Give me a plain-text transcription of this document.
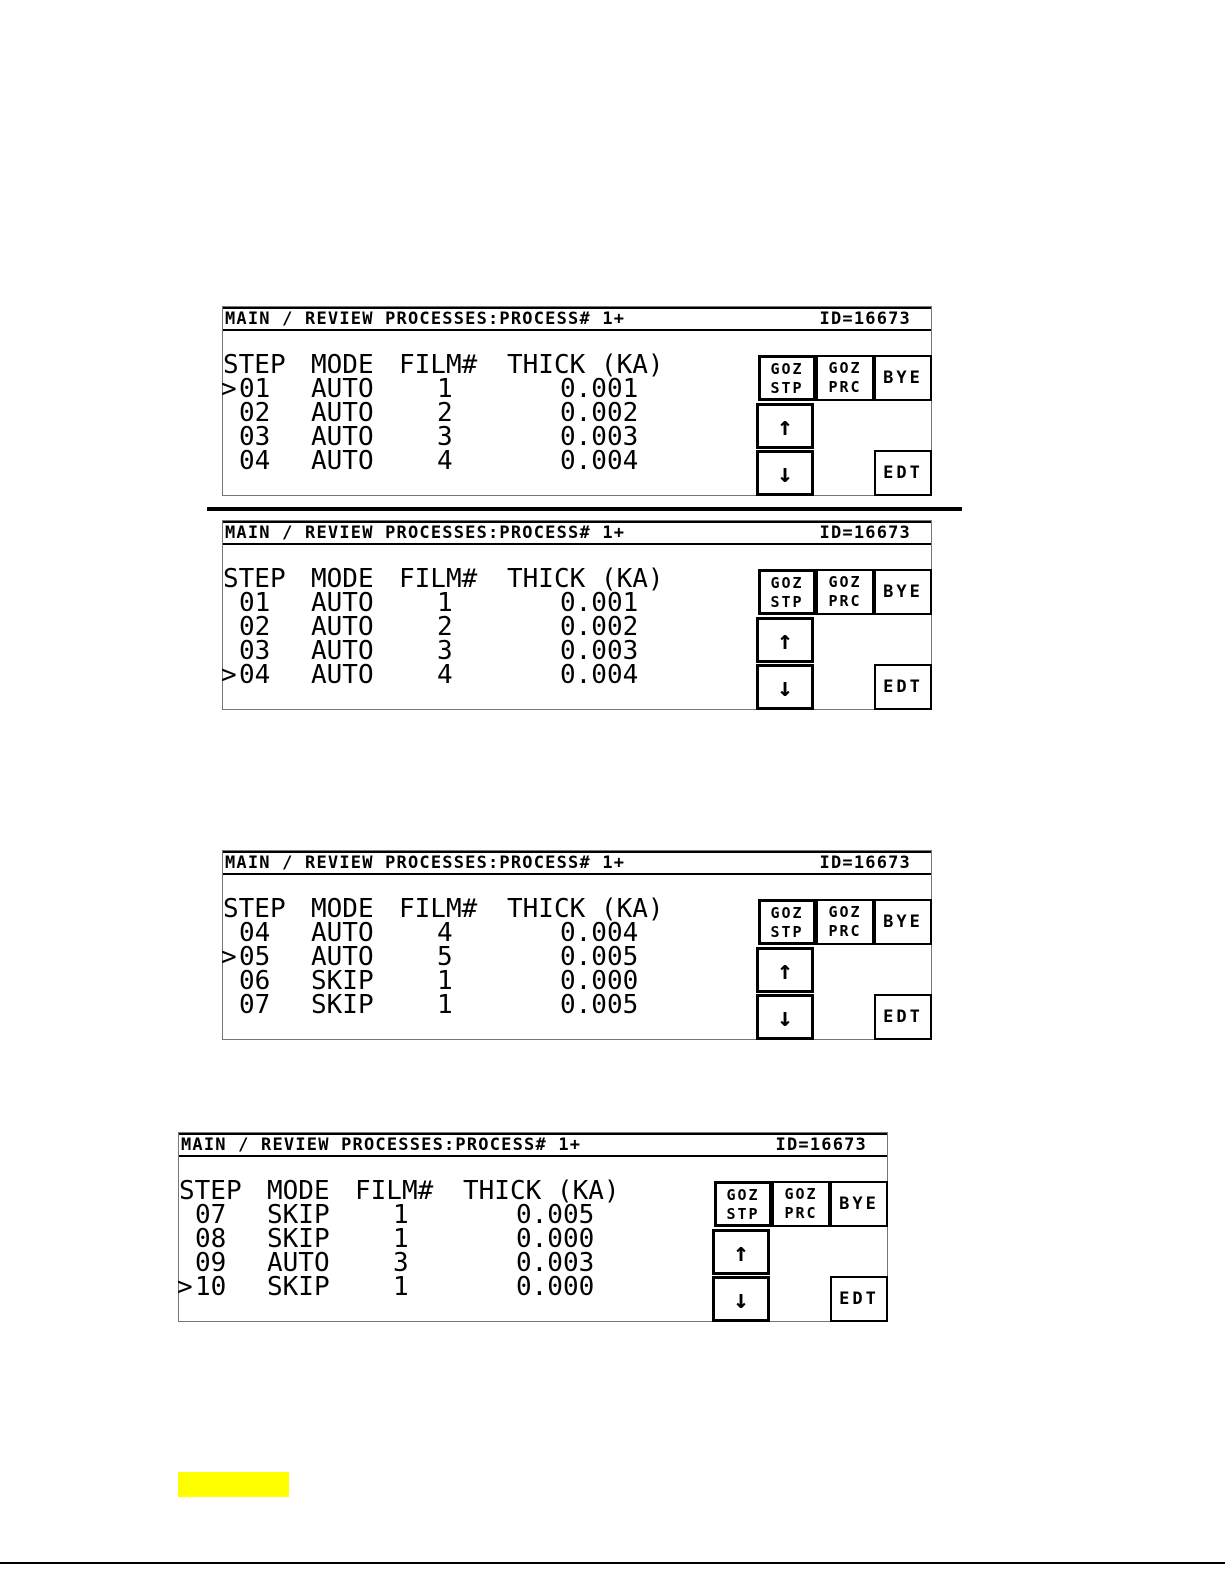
MAIN / REVIEW PROCESSES:PROCESS# 1+	ID=16673
STEP MODE FILM# THICK (KA)
> 01 AUTO 1	0.001
02 AUTO 2	0.002
03 AUTO 3	0.003
04 AUTO 4	0.004
GOZ
STP
GOZ
PRC	BYE
↑
↓	EDT
MAIN / REVIEW PROCESSES:PROCESS# 1+	ID=16673
STEP MODE FILM# THICK (KA)
01 AUTO 1	0.001
02 AUTO 2	0.002
03 AUTO 3	0.003
> 04 AUTO 4	0.004
GOZ
STP
GOZ
PRC	BYE
↑
↓	EDT
MAIN / REVIEW PROCESSES:PROCESS# 1+	ID=16673
STEP MODE FILM# THICK (KA)
04 AUTO 4	0.004
> 05 AUTO 5	0.005
06 SKIP 1	0.000
07 SKIP 1	0.005
GOZ
STP
GOZ
PRC	BYE
↑
↓	EDT
MAIN / REVIEW PROCESSES:PROCESS# 1+	ID=16673
STEP MODE FILM# THICK (KA)
07 SKIP 1	0.005
08 SKIP 1	0.000
09 AUTO 3	0.003
> 10 SKIP 1	0.000
GOZ
STP
GOZ
PRC	BYE
↑
↓	EDT
